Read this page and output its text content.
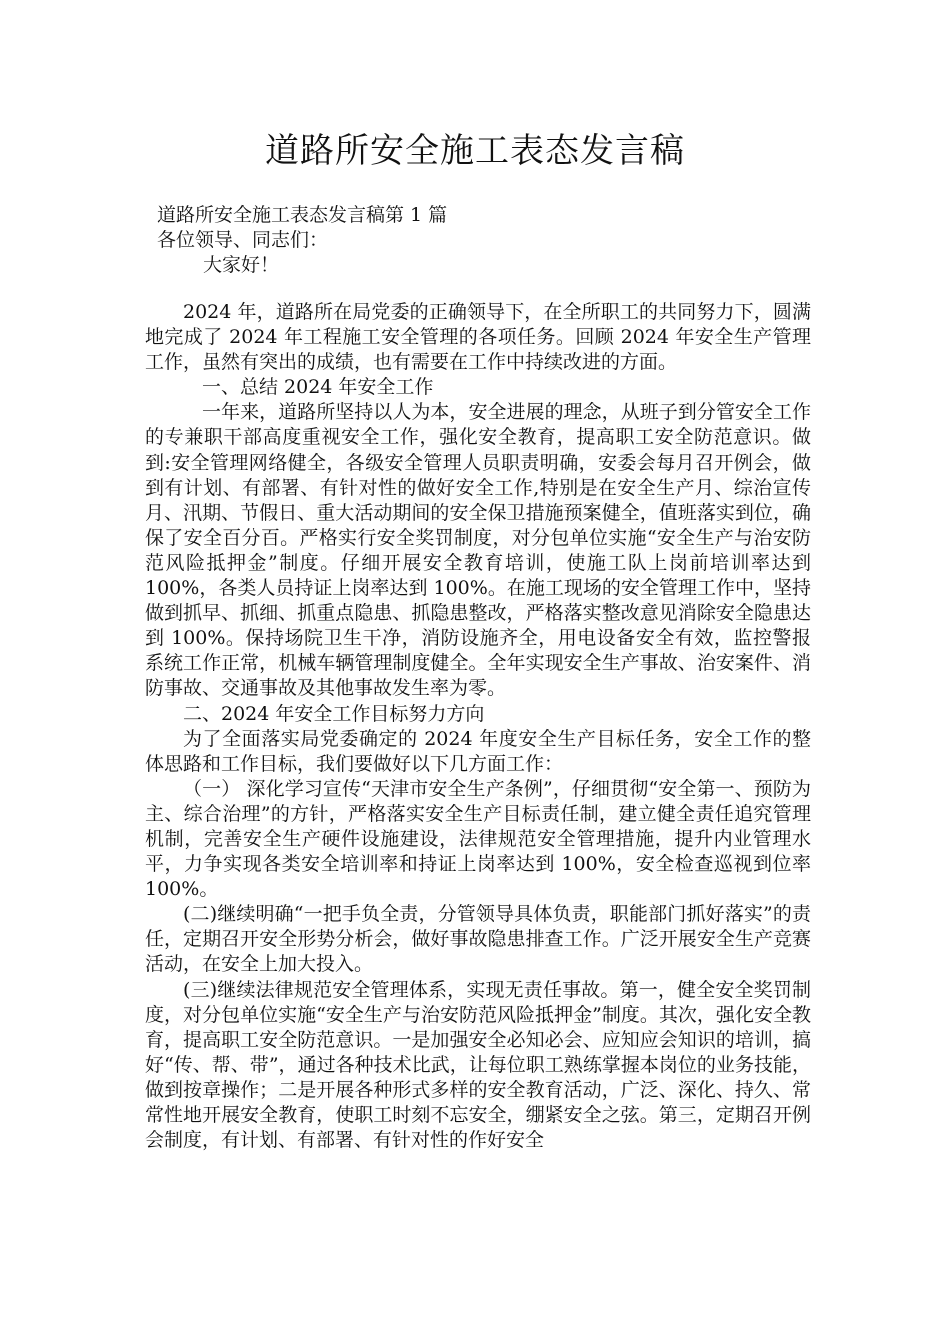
道路所安全施工表态发言稿
道路所安全施工表态发言稿第 1 篇
各位领导、同志们：
大家好！

2024 年，道路所在局党委的正确领导下，在全所职工的共同努力下，圆满地完成了 2024 年工程施工安全管理的各项任务。回顾 2024 年安全生产管理工作，虽然有突出的成绩，也有需要在工作中持续改进的方面。

一、总结 2024 年安全工作

一年来，道路所坚持以人为本，安全进展的理念，从班子到分管安全工作的专兼职干部高度重视安全工作，强化安全教育，提高职工安全防范意识。做到:安全管理网络健全，各级安全管理人员职责明确，安委会每月召开例会，做到有计划、有部署、有针对性的做好安全工作,特别是在安全生产月、综治宣传月、汛期、节假日、重大活动期间的安全保卫措施预案健全，值班落实到位，确保了安全百分百。严格实行安全奖罚制度，对分包单位实施“安全生产与治安防范风险抵押金”制度。仔细开展安全教育培训，使施工队上岗前培训率达到 100%，各类人员持证上岗率达到 100%。在施工现场的安全管理工作中，坚持做到抓早、抓细、抓重点隐患、抓隐患整改，严格落实整改意见消除安全隐患达到 100%。保持场院卫生干净，消防设施齐全，用电设备安全有效，监控警报系统工作正常，机械车辆管理制度健全。全年实现安全生产事故、治安案件、消防事故、交通事故及其他事故发生率为零。

二、2024 年安全工作目标努力方向

为了全面落实局党委确定的 2024 年度安全生产目标任务，安全工作的整体思路和工作目标，我们要做好以下几方面工作：

（一） 深化学习宣传“天津市安全生产条例”，仔细贯彻“安全第一、预防为主、综合治理”的方针，严格落实安全生产目标责任制，建立健全责任追究管理机制，完善安全生产硬件设施建设，法律规范安全管理措施，提升内业管理水平，力争实现各类安全培训率和持证上岗率达到 100%，安全检查巡视到位率 100%。

(二)继续明确“一把手负全责，分管领导具体负责，职能部门抓好落实”的责任，定期召开安全形势分析会，做好事故隐患排查工作。广泛开展安全生产竞赛活动，在安全上加大投入。

(三)继续法律规范安全管理体系，实现无责任事故。第一，健全安全奖罚制度，对分包单位实施“安全生产与治安防范风险抵押金”制度。其次，强化安全教育，提高职工安全防范意识。一是加强安全必知必会、应知应会知识的培训，搞好“传、帮、带”，通过各种技术比武，让每位职工熟练掌握本岗位的业务技能，做到按章操作；二是开展各种形式多样的安全教育活动，广泛、深化、持久、常常性地开展安全教育，使职工时刻不忘安全，绷紧安全之弦。第三，定期召开例会制度，有计划、有部署、有针对性的作好安全
